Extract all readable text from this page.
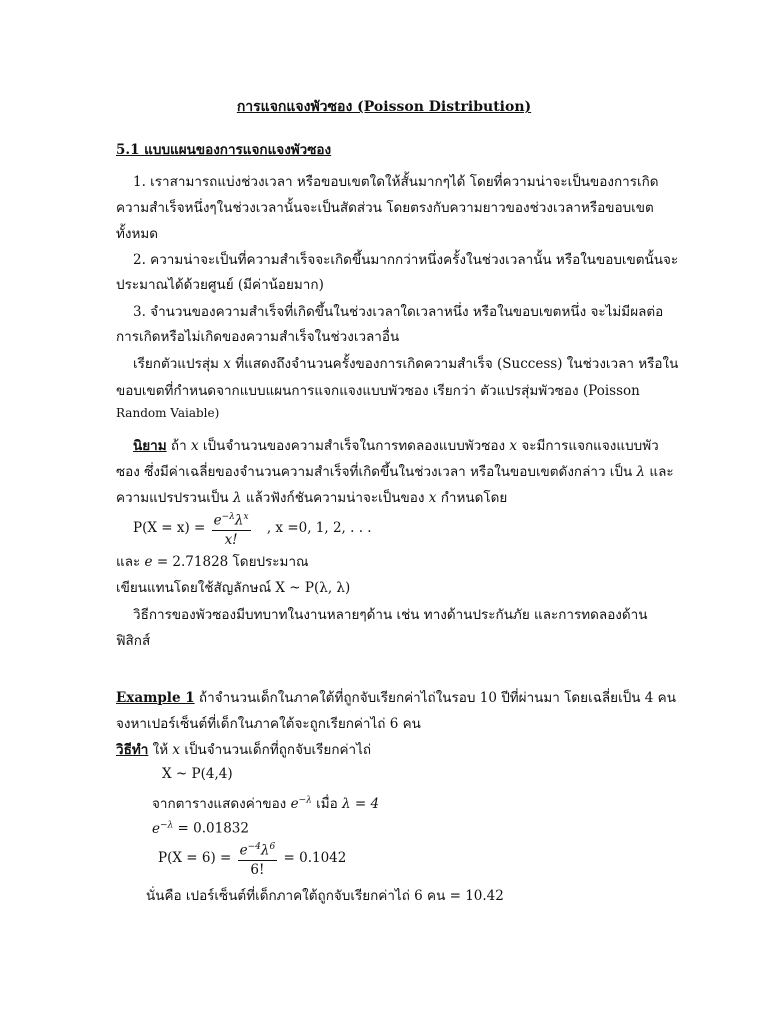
การแจกแจงพัวซอง (Poisson Distribution)
5.1 แบบแผนของการแจกแจงพัวซอง
1. เราสามารถแบ่งช่วงเวลา หรือขอบเขตใดให้สั้นมากๆได้ โดยที่ความน่าจะเป็นของการเกิด
ความสำเร็จหนึ่งๆในช่วงเวลานั้นจะเป็นสัดส่วน โดยตรงกับความยาวของช่วงเวลาหรือขอบเขต
ทั้งหมด
2. ความน่าจะเป็นที่ความสำเร็จจะเกิดขึ้นมากกว่าหนึ่งครั้งในช่วงเวลานั้น หรือในขอบเขตนั้นจะ
ประมาณได้ด้วยศูนย์ (มีค่าน้อยมาก)
3. จำนวนของความสำเร็จที่เกิดขึ้นในช่วงเวลาใดเวลาหนึ่ง หรือในขอบเขตหนึ่ง จะไม่มีผลต่อ
การเกิดหรือไม่เกิดของความสำเร็จในช่วงเวลาอื่น
เรียกตัวแปรสุ่ม x ที่แสดงถึงจำนวนครั้งของการเกิดความสำเร็จ (Success) ในช่วงเวลา หรือใน
ขอบเขตที่กำหนดจากแบบแผนการแจกแจงแบบพัวซอง เรียกว่า ตัวแปรสุ่มพัวซอง (Poisson
Random Vaiable)
นิยาม ถ้า x เป็นจำนวนของความสำเร็จในการทดลองแบบพัวซอง x จะมีการแจกแจงแบบพัว
ซอง ซึ่งมีค่าเฉลี่ยของจำนวนความสำเร็จที่เกิดขึ้นในช่วงเวลา หรือในขอบเขตดังกล่าว เป็น λ และ
ความแปรปรวนเป็น λ แล้วฟังก์ชันความน่าจะเป็นของ x กำหนดโดย
$P(X = x) = \frac{e^{-\lambda}\lambda^x}{x!}$ , x =0, 1, 2, . . .
และ e = 2.71828 โดยประมาณ
เขียนแทนโดยใช้สัญลักษณ์ X ~ P(λ, λ)
วิธีการของพัวซองมีบทบาทในงานหลายๆด้าน เช่น ทางด้านประกันภัย และการทดลองด้าน
ฟิสิกส์
Example 1 ถ้าจำนวนเด็กในภาคใต้ที่ถูกจับเรียกค่าไถ่ในรอบ 10 ปีที่ผ่านมา โดยเฉลี่ยเป็น 4 คน
จงหาเปอร์เซ็นต์ที่เด็กในภาคใต้จะถูกเรียกค่าไถ่ 6 คน
วิธีทำ ให้ x เป็นจำนวนเด็กที่ถูกจับเรียกค่าไถ่
X ~ P(4,4)
จากตารางแสดงค่าของ $e^{-\lambda}$ เมื่อ λ = 4
$e^{-\lambda} = 0.01832$
$P(X = 6) = \frac{e^{-4}\lambda^6}{6!} = 0.1042$
นั่นคือ เปอร์เซ็นต์ที่เด็กภาคใต้ถูกจับเรียกค่าไถ่ 6 คน = 10.42
